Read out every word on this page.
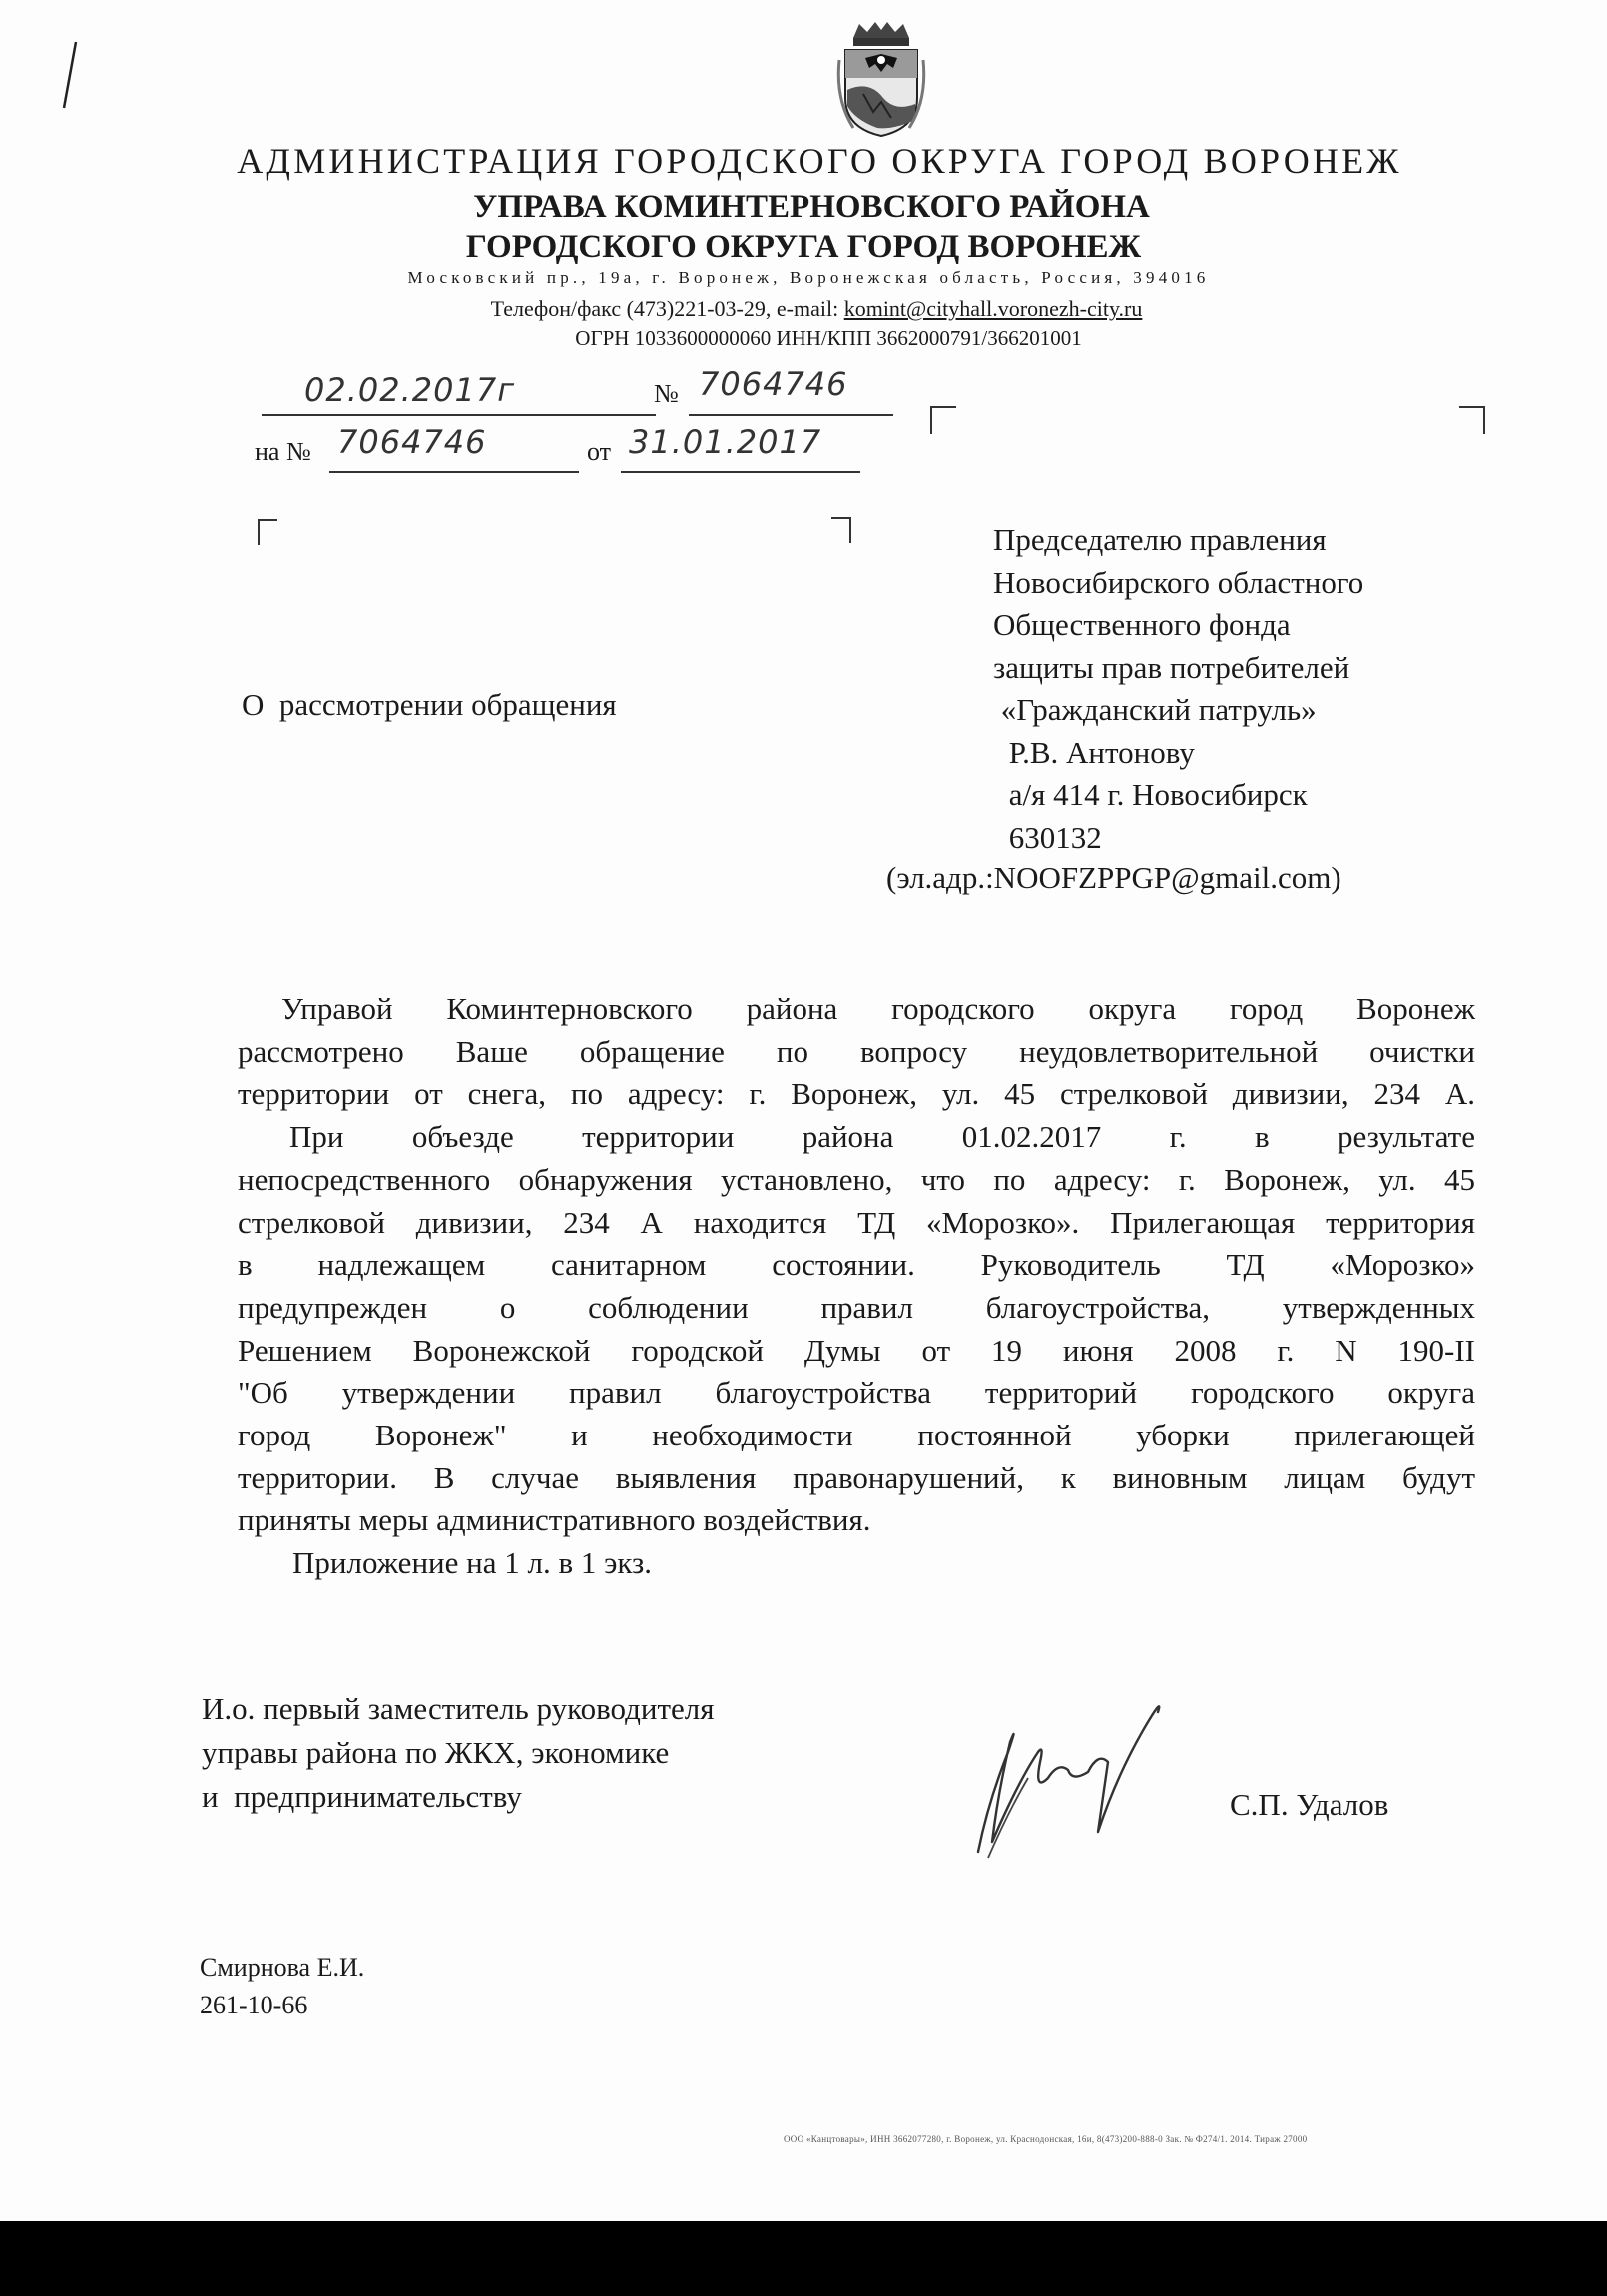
АДМИНИСТРАЦИЯ ГОРОДСКОГО ОКРУГА ГОРОД ВОРОНЕЖ
УПРАВА КОМИНТЕРНОВСКОГО РАЙОНА
ГОРОДСКОГО ОКРУГА ГОРОД ВОРОНЕЖ
Московский пр., 19а, г. Воронеж, Воронежская область, Россия, 394016
Телефон/факс (473)221-03-29, e-mail: komint@cityhall.voronezh-city.ru
ОГРН 1033600000060 ИНН/КПП 3662000791/366201001
02.02.2017г	№ 7064746
на № 7064746	от 31.01.2017
Председателю правления
Новосибирского областного
Общественного фонда
защиты прав потребителей
«Гражданский патруль»
Р.В. Антонову
а/я 414 г. Новосибирск
630132
(эл.адр.:NOOFZPPGP@gmail.com)
О  рассмотрении обращения
Управой Коминтерновского района городского округа город Воронеж
рассмотрено Ваше обращение по вопросу неудовлетворительной очистки
территории от снега, по адресу: г. Воронеж, ул. 45 стрелковой дивизии, 234 А.
При объезде территории района 01.02.2017 г. в результате
непосредственного обнаружения установлено, что по адресу: г. Воронеж, ул. 45
стрелковой дивизии, 234 А находится ТД «Морозко». Прилегающая территория
в надлежащем санитарном состоянии. Руководитель ТД «Морозко»
предупрежден о соблюдении правил благоустройства, утвержденных
Решением Воронежской городской Думы от 19 июня 2008 г. N 190-II
"Об утверждении правил благоустройства территорий городского округа
город Воронеж" и необходимости постоянной уборки прилегающей
территории. В случае выявления правонарушений, к виновным лицам будут
приняты меры административного воздействия.
Приложение на 1 л. в 1 экз.
И.о. первый заместитель руководителя
управы района по ЖКХ, экономике
и  предпринимательству	С.П. Удалов
Смирнова Е.И.
261-10-66
ООО «Канцтовары», ИНН 3662077280, г. Воронеж, ул. Краснодонская, 16и, 8(473)200-888-0 Зак. № Ф274/1. 2014. Тираж 27000
